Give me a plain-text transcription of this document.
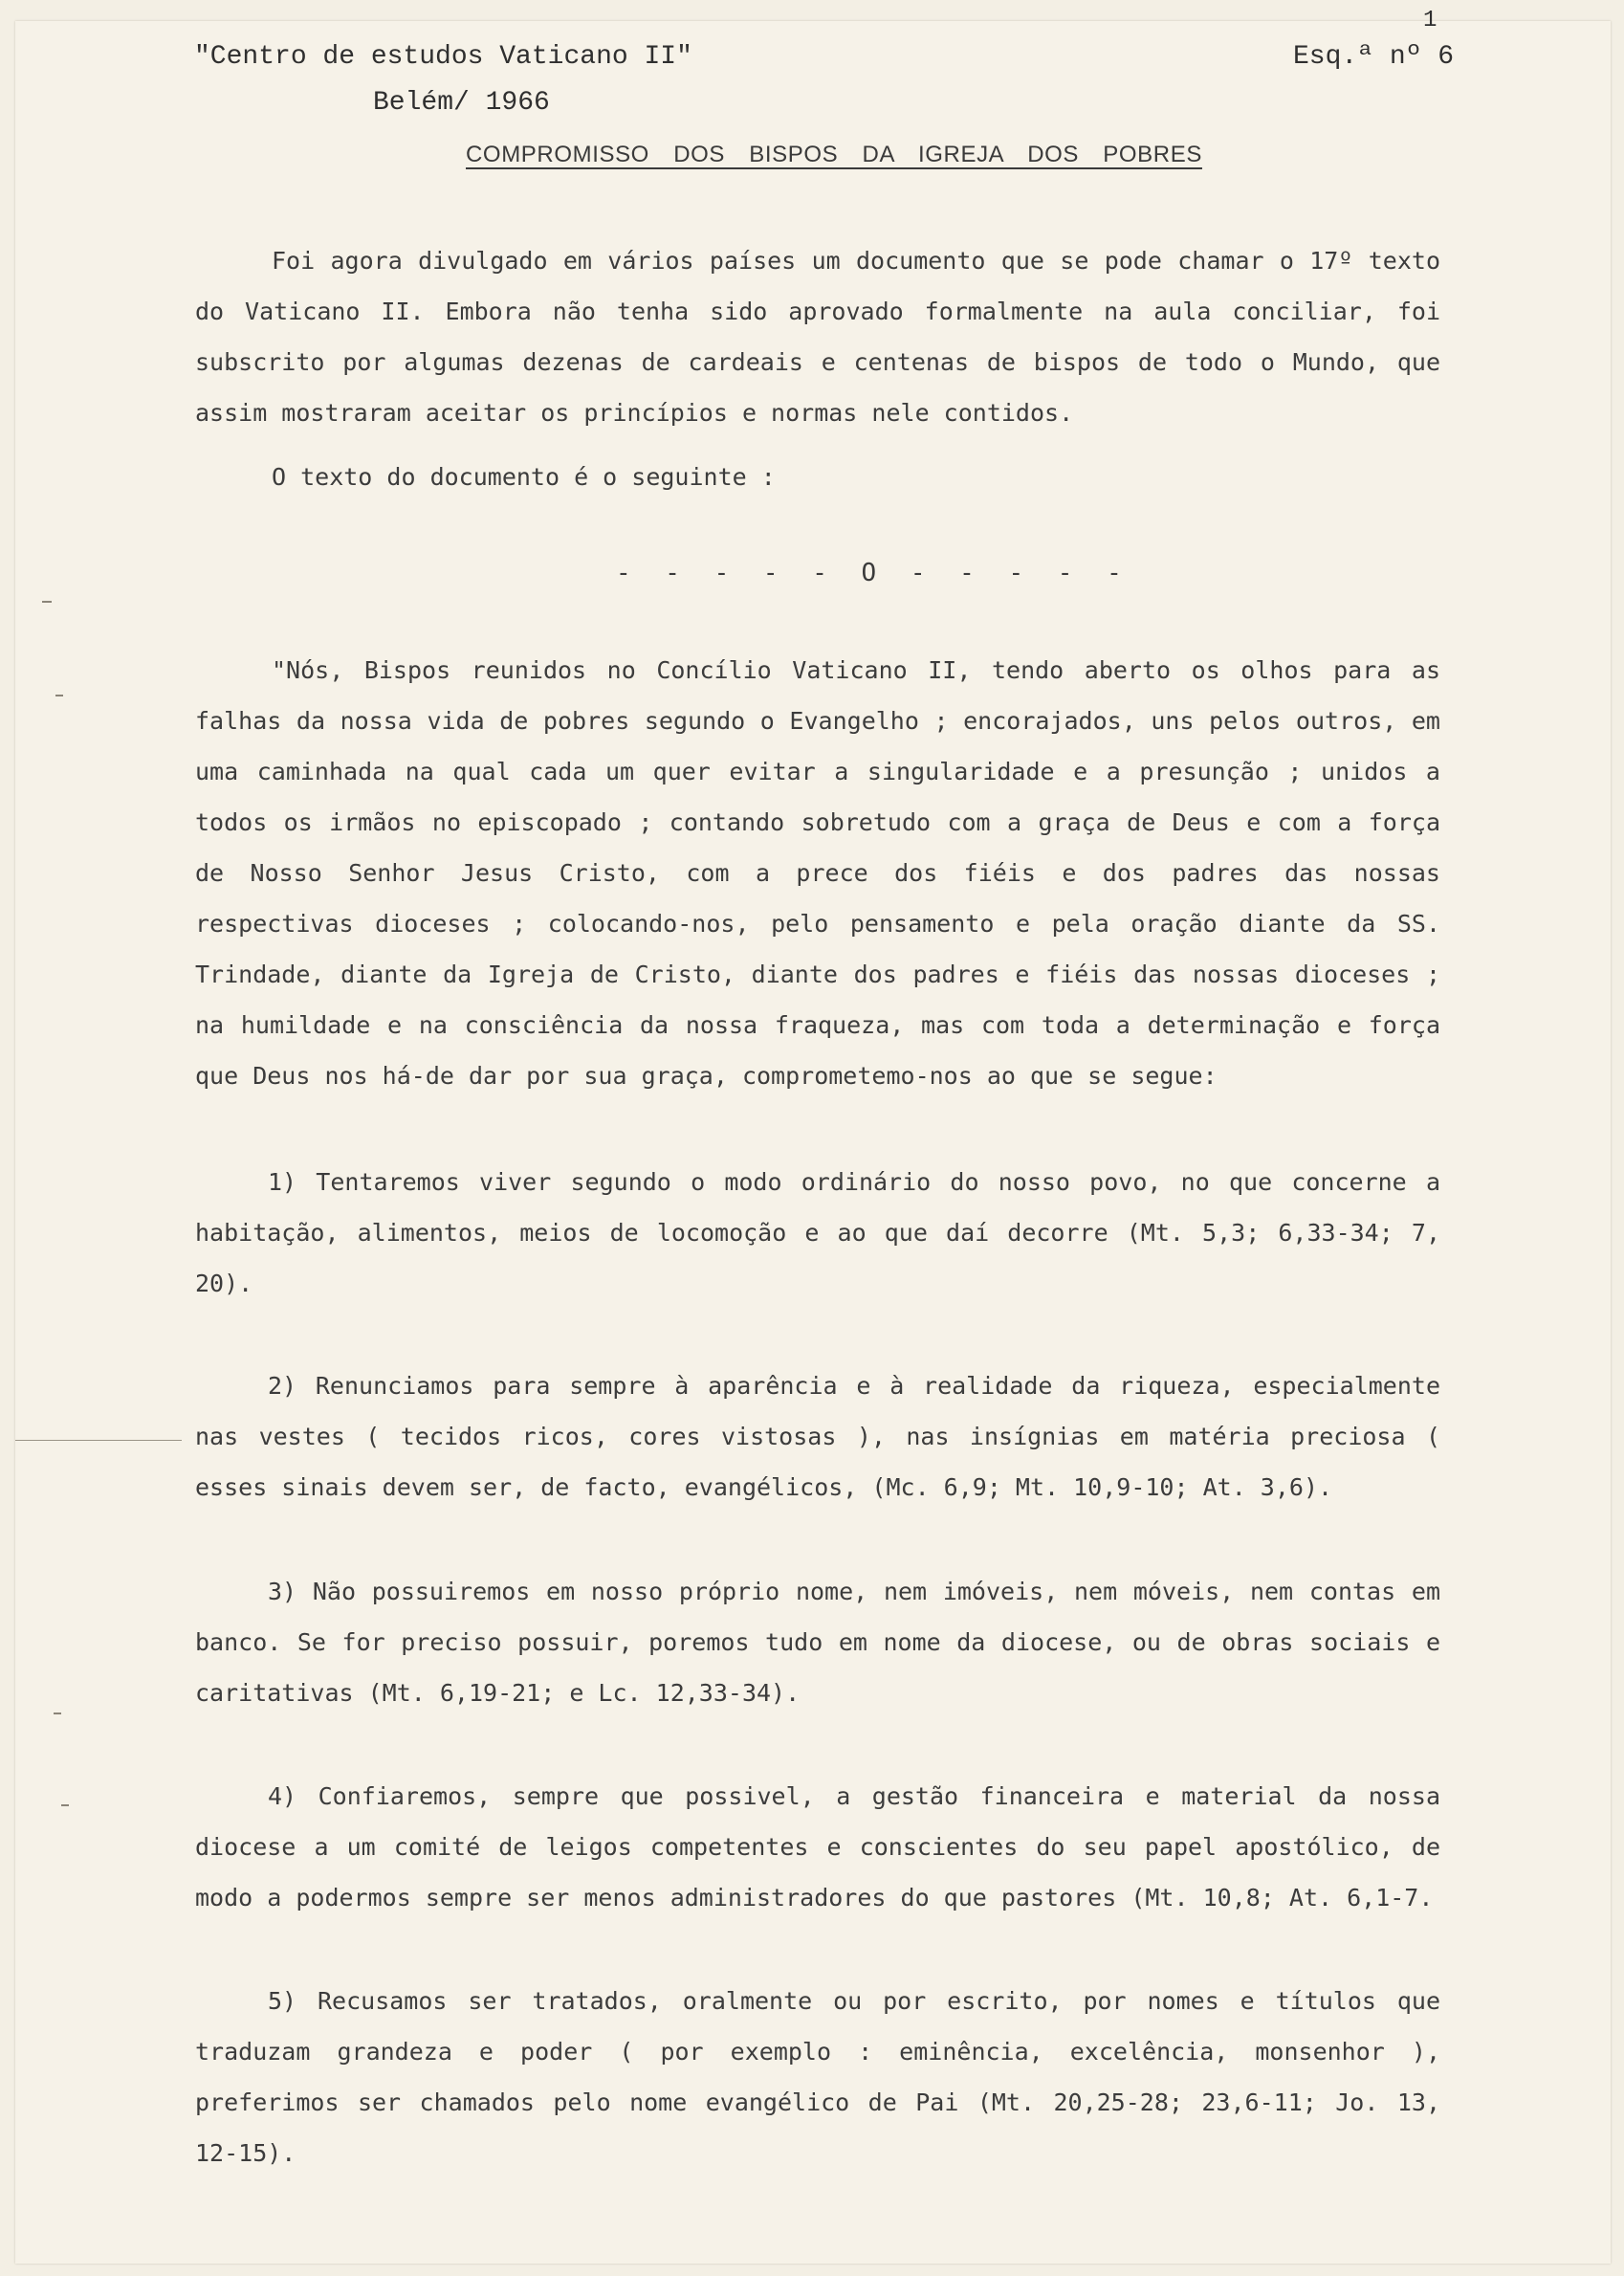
1
"Centro de estudos Vaticano II"	Esq.ª nº 6
Belém/ 1966
COMPROMISSO DOS BISPOS DA IGREJA DOS POBRES

Foi agora divulgado em vários países um documento que se pode chamar o 17º texto do Vaticano II. Embora não tenha sido aprovado formalmente na aula conciliar, foi subscrito por algumas dezenas de cardeais e centenas de bispos de todo o Mundo, que assim mostraram aceitar os princípios e normas nele contidos.

O texto do documento é o seguinte :

- - - - - O - - - - -

"Nós, Bispos reunidos no Concílio Vaticano II, tendo aberto os olhos para as falhas da nossa vida de pobres segundo o Evangelho ; encorajados, uns pelos outros, em uma caminhada na qual cada um quer evitar a singularidade e a presunção ; unidos a todos os irmãos no episcopado ; contando sobretudo com a graça de Deus e com a força de Nosso Senhor Jesus Cristo, com a prece dos fiéis e dos padres das nossas respectivas dioceses ; colocando-nos, pelo pensamento e pela oração diante da SS. Trindade, diante da Igreja de Cristo, diante dos padres e fiéis das nossas dioceses ; na humildade e na consciência da nossa fraqueza, mas com toda a determinação e força que Deus nos há-de dar por sua graça, comprometemo-nos ao que se segue:

1) Tentaremos viver segundo o modo ordinário do nosso povo, no que concerne a habitação, alimentos, meios de locomoção e ao que daí decorre (Mt. 5,3; 6,33-34; 7, 20).

2) Renunciamos para sempre à aparência e à realidade da riqueza, especialmente nas vestes ( tecidos ricos, cores vistosas ), nas insígnias em matéria preciosa ( esses sinais devem ser, de facto, evangélicos, (Mc. 6,9; Mt. 10,9-10; At. 3,6).

3) Não possuiremos em nosso próprio nome, nem imóveis, nem móveis, nem contas em banco. Se for preciso possuir, poremos tudo em nome da diocese, ou de obras sociais e caritativas (Mt. 6,19-21; e Lc. 12,33-34).

4) Confiaremos, sempre que possivel, a gestão financeira e material da nossa diocese a um comité de leigos competentes e conscientes do seu papel apostólico, de modo a podermos sempre ser menos administradores do que pastores (Mt. 10,8; At. 6,1-7.

5) Recusamos ser tratados, oralmente ou por escrito, por nomes e títulos que traduzam grandeza e poder ( por exemplo : eminência, excelência, monsenhor ), preferimos ser chamados pelo nome evangélico de Pai (Mt. 20,25-28; 23,6-11; Jo. 13, 12-15).
